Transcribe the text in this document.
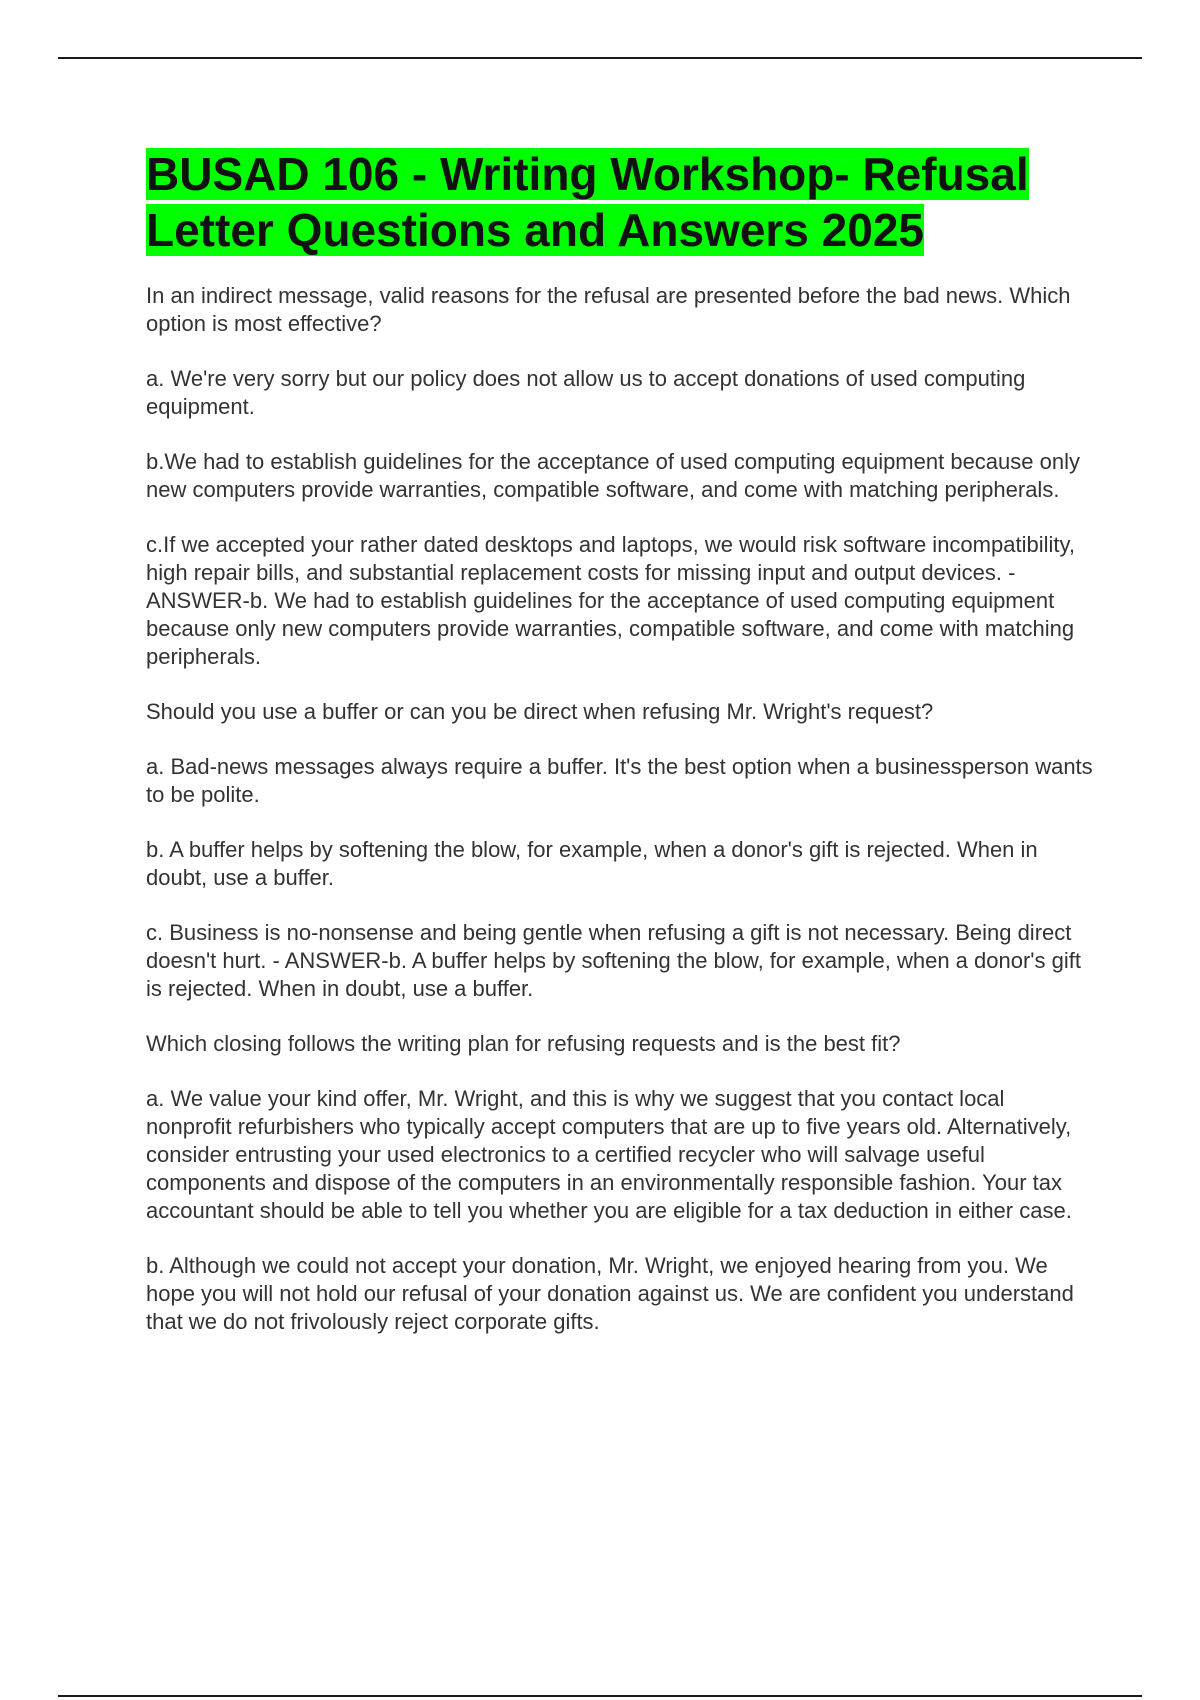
BUSAD 106 - Writing Workshop- Refusal Letter Questions and Answers 2025

In an indirect message, valid reasons for the refusal are presented before the bad news. Which option is most effective?

a. We're very sorry but our policy does not allow us to accept donations of used computing equipment.

b.We had to establish guidelines for the acceptance of used computing equipment because only new computers provide warranties, compatible software, and come with matching peripherals.

c.If we accepted your rather dated desktops and laptops, we would risk software incompatibility, high repair bills, and substantial replacement costs for missing input and output devices. - ANSWER-b. We had to establish guidelines for the acceptance of used computing equipment because only new computers provide warranties, compatible software, and come with matching peripherals.

Should you use a buffer or can you be direct when refusing Mr. Wright's request?

a. Bad-news messages always require a buffer. It's the best option when a businessperson wants to be polite.

b. A buffer helps by softening the blow, for example, when a donor's gift is rejected. When in doubt, use a buffer.

c. Business is no-nonsense and being gentle when refusing a gift is not necessary. Being direct doesn't hurt. - ANSWER-b. A buffer helps by softening the blow, for example, when a donor's gift is rejected. When in doubt, use a buffer.

Which closing follows the writing plan for refusing requests and is the best fit?

a. We value your kind offer, Mr. Wright, and this is why we suggest that you contact local nonprofit refurbishers who typically accept computers that are up to five years old. Alternatively, consider entrusting your used electronics to a certified recycler who will salvage useful components and dispose of the computers in an environmentally responsible fashion. Your tax accountant should be able to tell you whether you are eligible for a tax deduction in either case.

b. Although we could not accept your donation, Mr. Wright, we enjoyed hearing from you. We hope you will not hold our refusal of your donation against us. We are confident you understand that we do not frivolously reject corporate gifts.
